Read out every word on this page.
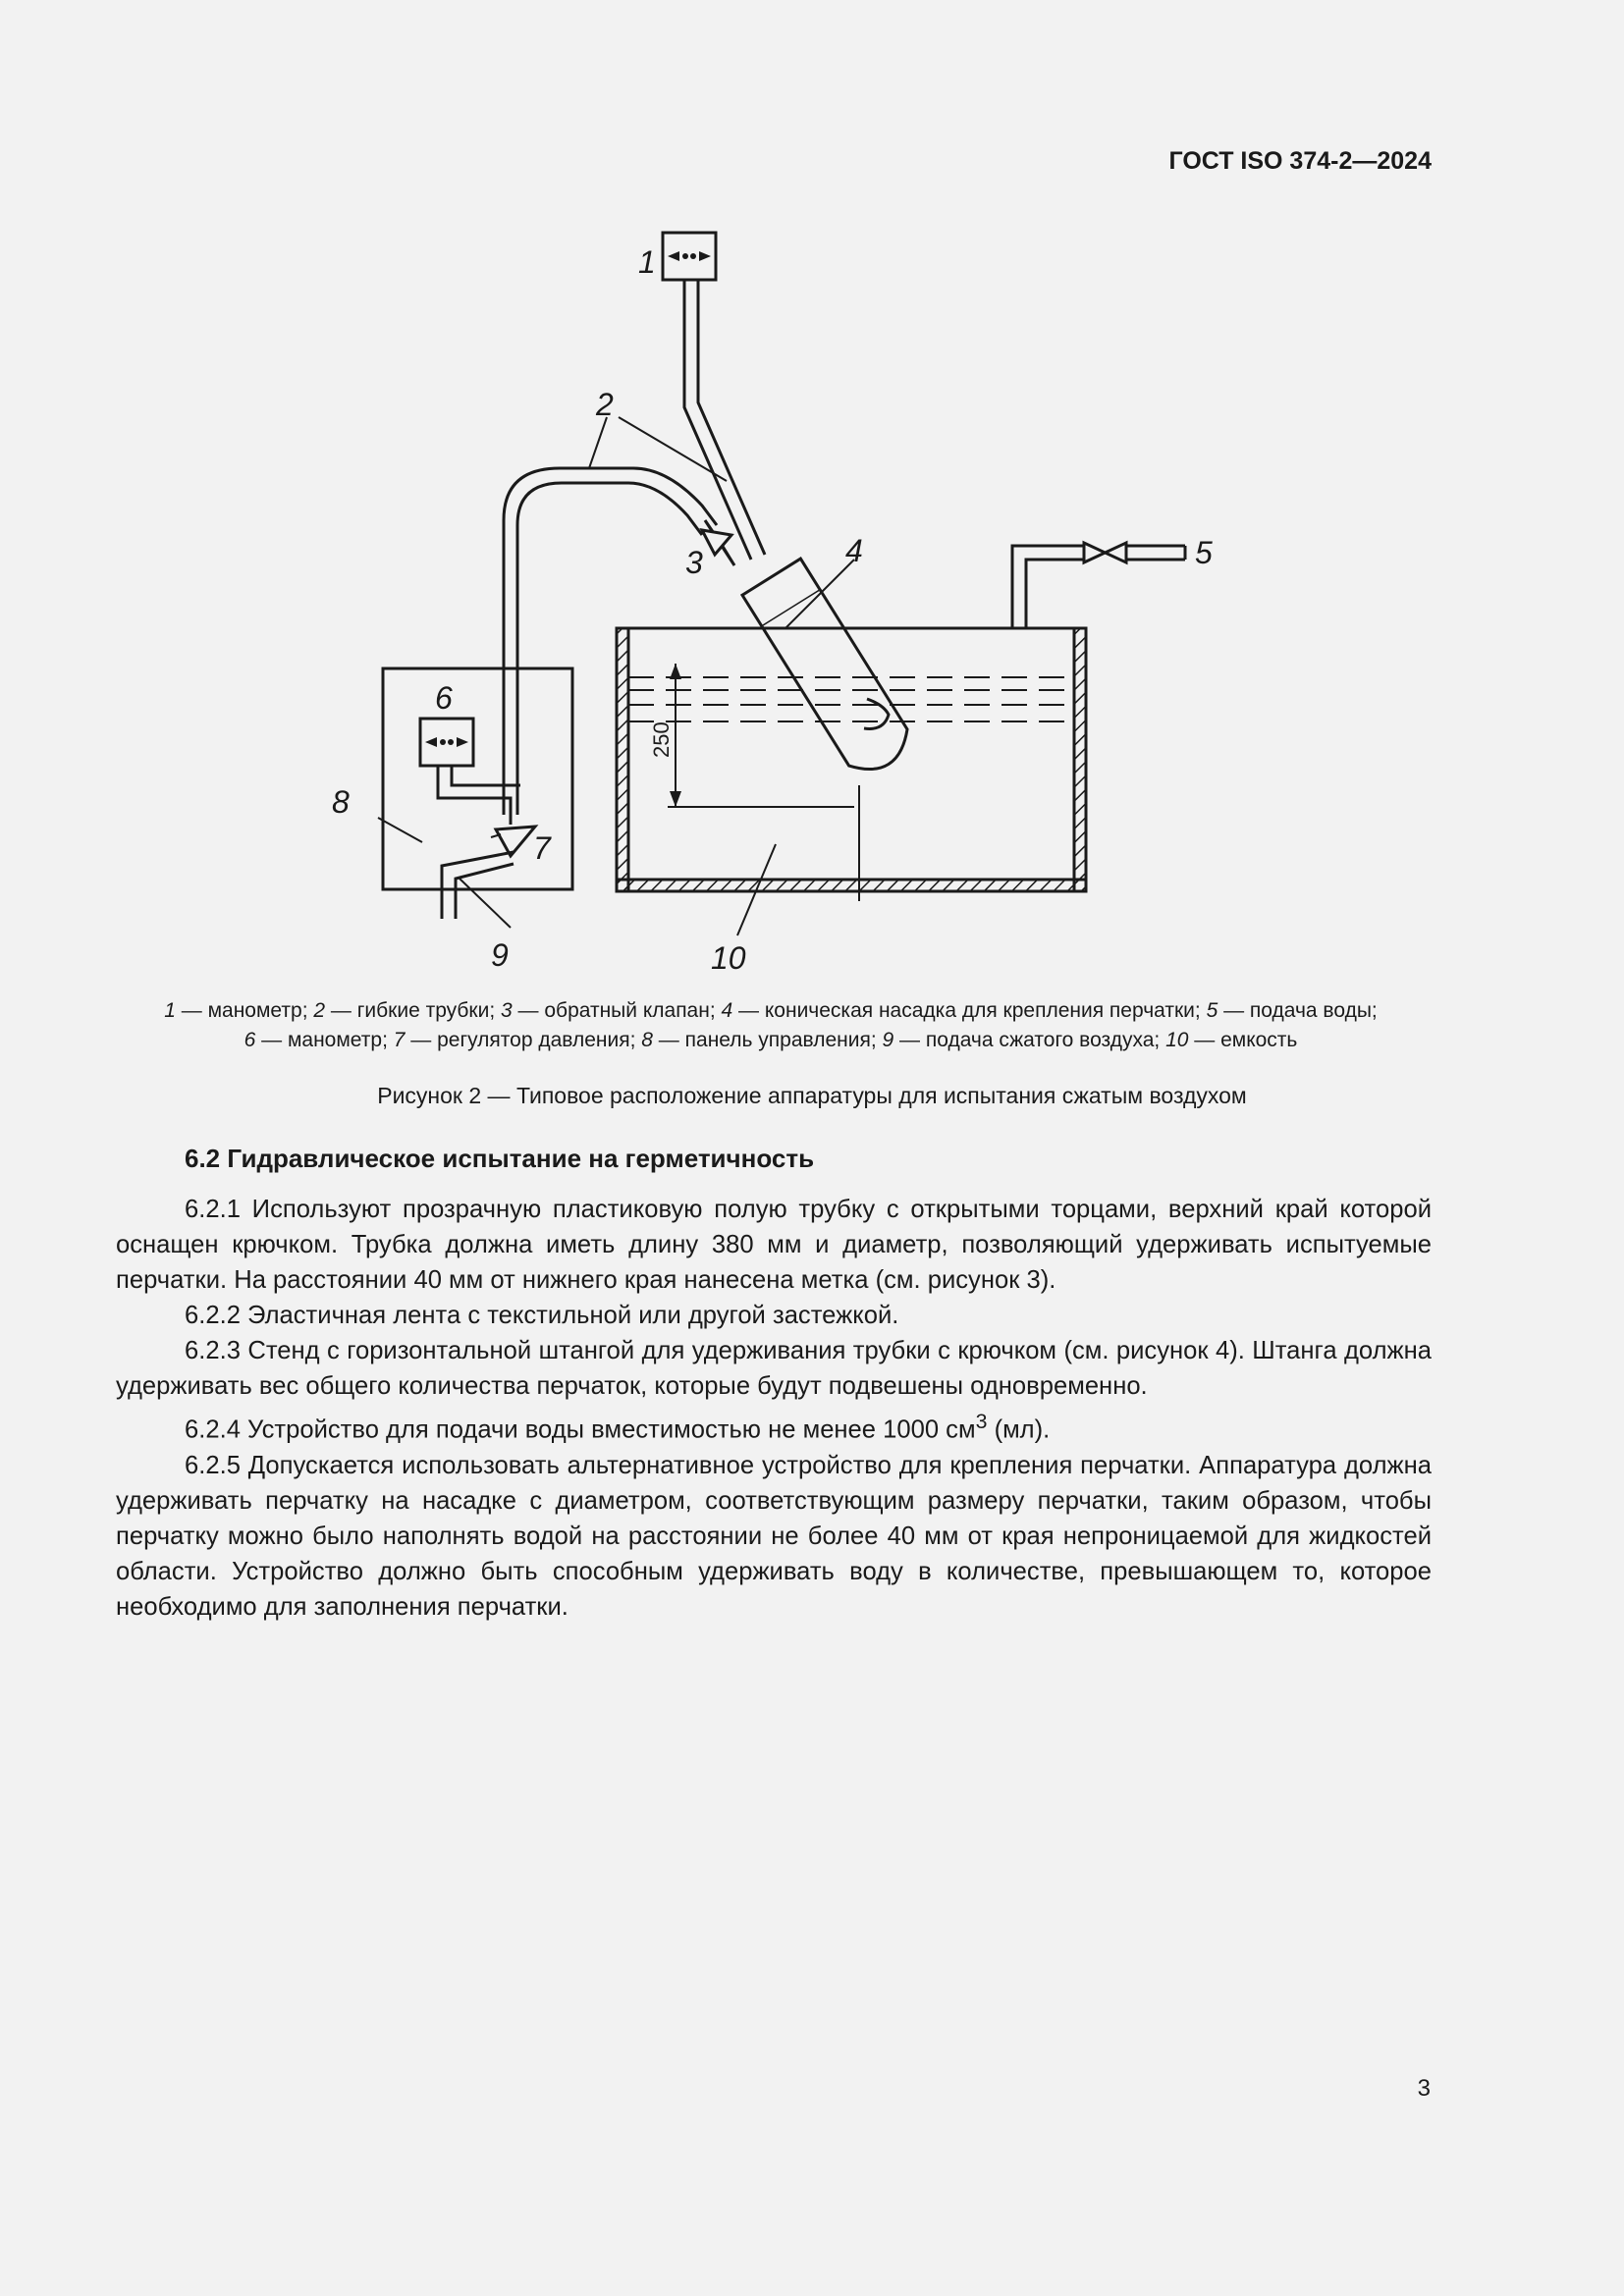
ГОСТ ISO 374-2—2024
1
2
3	4	5
6
7
8
9	10
250
1 — манометр; 2 — гибкие трубки; 3 — обратный клапан; 4 — коническая насадка для крепления перчатки; 5 — подача воды;
6 — манометр; 7 — регулятор давления; 8 — панель управления; 9 — подача сжатого воздуха; 10 — емкость
Рисунок 2 — Типовое расположение аппаратуры для испытания сжатым воздухом
6.2 Гидравлическое испытание на герметичность

6.2.1 Используют прозрачную пластиковую полую трубку с открытыми торцами, верхний край которой оснащен крючком. Трубка должна иметь длину 380 мм и диаметр, позволяющий удерживать испытуемые перчатки. На расстоянии 40 мм от нижнего края нанесена метка (см. рисунок 3).

6.2.2 Эластичная лента с текстильной или другой застежкой.

6.2.3 Стенд с горизонтальной штангой для удерживания трубки с крючком (см. рисунок 4). Штанга должна удерживать вес общего количества перчаток, которые будут подвешены одновременно.

6.2.4 Устройство для подачи воды вместимостью не менее 1000 $см^3$ (мл).

6.2.5 Допускается использовать альтернативное устройство для крепления перчатки. Аппаратура должна удерживать перчатку на насадке с диаметром, соответствующим размеру перчатки, таким образом, чтобы перчатку можно было наполнять водой на расстоянии не более 40 мм от края непроницаемой для жидкостей области. Устройство должно быть способным удерживать воду в количестве, превышающем то, которое необходимо для заполнения перчатки.

3
